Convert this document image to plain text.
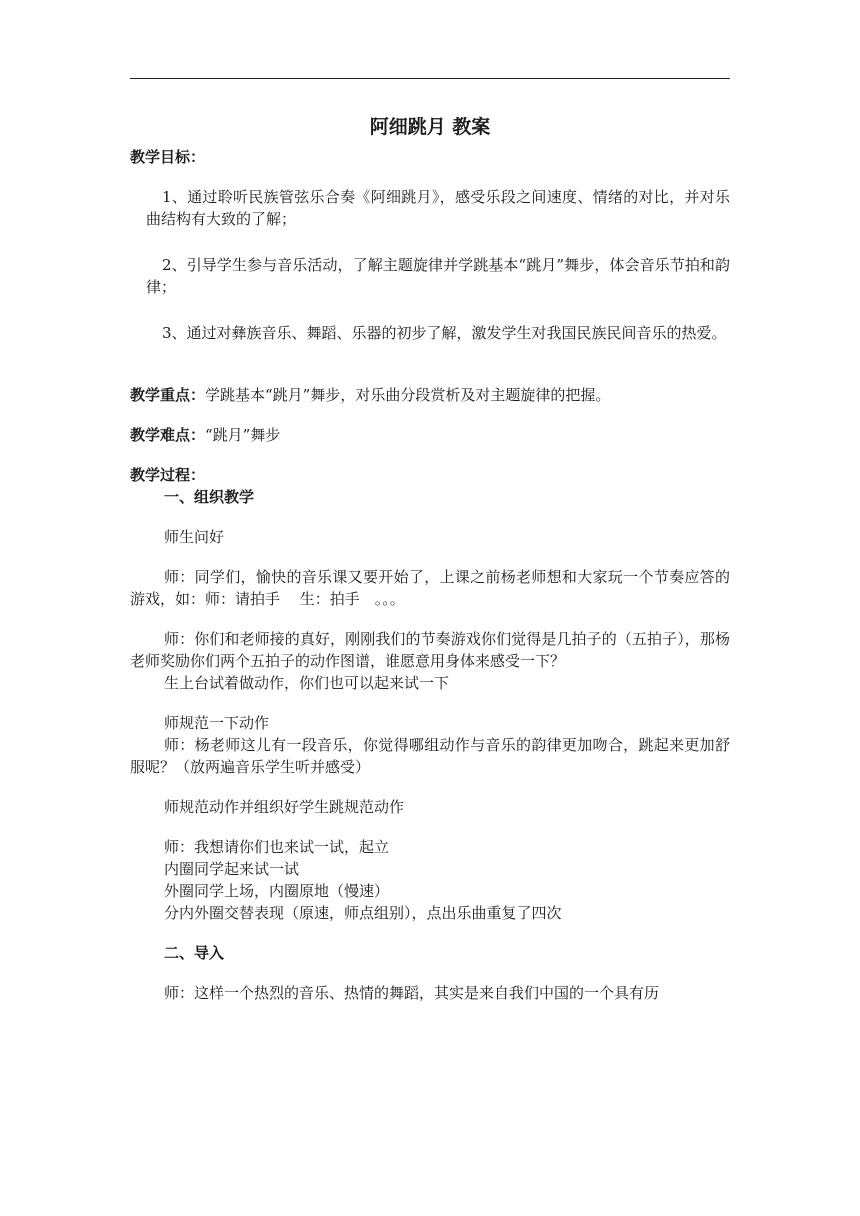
阿细跳月 教案

教学目标：

1、通过聆听民族管弦乐合奏《阿细跳月》，感受乐段之间速度、情绪的对比，并对乐曲结构有大致的了解；

2、引导学生参与音乐活动，了解主题旋律并学跳基本“跳月”舞步，体会音乐节拍和韵律；

3、通过对彝族音乐、舞蹈、乐器的初步了解，激发学生对我国民族民间音乐的热爱。

教学重点：学跳基本“跳月”舞步，对乐曲分段赏析及对主题旋律的把握。

教学难点：“跳月”舞步

教学过程：

一、组织教学

师生问好

师：同学们，愉快的音乐课又要开始了，上课之前杨老师想和大家玩一个节奏应答的游戏，如：师：请拍手　 生：拍手　。。。

师：你们和老师接的真好，刚刚我们的节奏游戏你们觉得是几拍子的（五拍子），那杨老师奖励你们两个五拍子的动作图谱，谁愿意用身体来感受一下？

生上台试着做动作，你们也可以起来试一下

师规范一下动作

师：杨老师这儿有一段音乐，你觉得哪组动作与音乐的韵律更加吻合，跳起来更加舒服呢？（放两遍音乐学生听并感受）

师规范动作并组织好学生跳规范动作

师：我想请你们也来试一试，起立

内圈同学起来试一试

外圈同学上场，内圈原地（慢速）

分内外圈交替表现（原速，师点组别），点出乐曲重复了四次

二、导入

师：这样一个热烈的音乐、热情的舞蹈，其实是来自我们中国的一个具有历
